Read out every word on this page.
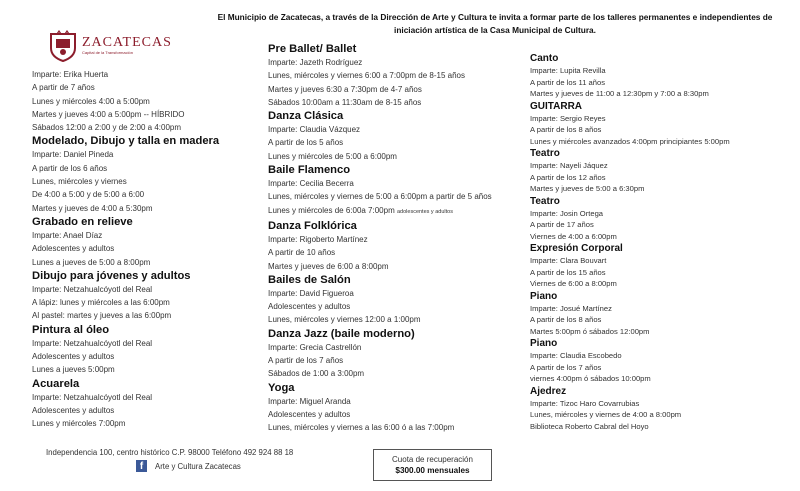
ZACATECAS
Capital de la Transformación
El Municipio de Zacatecas, a través de la Dirección de Arte y Cultura te invita a formar parte de los talleres permanentes e independientes de iniciación artística de la Casa Municipal de Cultura.
Imparte: Erika Huerta
A partir de 7 años
Lunes y miércoles 4:00 a 5:00pm
Martes y jueves 4:00 a 5:00pm -- HÍBRIDO
Sábados 12:00 a 2:00 y de 2:00 a 4:00pm
Modelado, Dibujo y talla en madera
Imparte: Daniel Pineda
A partir de los 6 años
Lunes, miércoles y viernes
De 4:00 a 5:00 y de 5:00 a 6:00
Martes y jueves de 4:00 a 5:30pm
Grabado en relieve
Imparte: Anael Díaz
Adolescentes y adultos
Lunes a jueves de 5:00 a 8:00pm
Dibujo para jóvenes y adultos
Imparte: Netzahualcóyotl del Real
A lápiz: lunes y miércoles a las 6:00pm
Al pastel: martes y jueves a las 6:00pm
Pintura al óleo
Imparte: Netzahualcóyotl del Real
Adolescentes y adultos
Lunes a jueves 5:00pm
Acuarela
Imparte: Netzahualcóyotl del Real
Adolescentes y adultos
Lunes y miércoles 7:00pm
Pre Ballet/ Ballet
Imparte: Jazeth Rodríguez
Lunes, miércoles y viernes 6:00 a 7:00pm de 8-15 años
Martes y jueves 6:30 a 7:30pm de 4-7 años
Sábados 10:00am a 11:30am de 8-15 años
Danza Clásica
Imparte: Claudia Vázquez
A partir de los 5 años
Lunes y miércoles de 5:00 a 6:00pm
Baile Flamenco
Imparte: Cecilia Becerra
Lunes, miércoles y viernes de 5:00 a 6:00pm a partir de 5 años
Lunes y miércoles de 6:00a 7:00pm adolescentes y adultos
Danza Folklórica
Imparte: Rigoberto Martínez
A partir de 10 años
Martes y jueves de 6:00 a 8:00pm
Bailes de Salón
Imparte: David Figueroa
Adolescentes y adultos
Lunes, miércoles y viernes 12:00 a 1:00pm
Danza Jazz (baile moderno)
Imparte: Grecia Castrellón
A partir de los 7 años
Sábados de 1:00 a 3:00pm
Yoga
Imparte: Miguel Aranda
Adolescentes y adultos
Lunes, miércoles y viernes a las 6:00 ó a las 7:00pm
Canto
Imparte: Lupita Revilla
A partir de los 11 años
Martes y jueves de 11:00 a 12:30pm y 7:00 a 8:30pm
GUITARRA
Imparte: Sergio Reyes
A partir de los 8 años
Lunes y miércoles avanzados 4:00pm principiantes 5:00pm
Teatro
Imparte: Nayeli Jáquez
A partir de los 12 años
Martes y jueves de 5:00 a 6:30pm
Teatro
Imparte: Josin Ortega
A partir de 17 años
Viernes de 4:00 a 6:00pm
Expresión Corporal
Imparte: Clara Bouvart
A partir de los 15 años
Viernes de 6:00 a 8:00pm
Piano
Imparte: Josué Martínez
A partir de los 8 años
Martes 5:00pm ó sábados 12:00pm
Piano
Imparte: Claudia Escobedo
A partir de los 7 años
viernes 4:00pm ó sábados 10:00pm
Ajedrez
Imparte: Tizoc Haro Covarrubias
Lunes, miércoles y viernes de 4:00 a 8:00pm
Biblioteca Roberto Cabral del Hoyo
Independencia 100, centro histórico C.P. 98000 Teléfono 492 924 88 18
f	Arte y Cultura Zacatecas
Cuota de recuperación
$300.00 mensuales
